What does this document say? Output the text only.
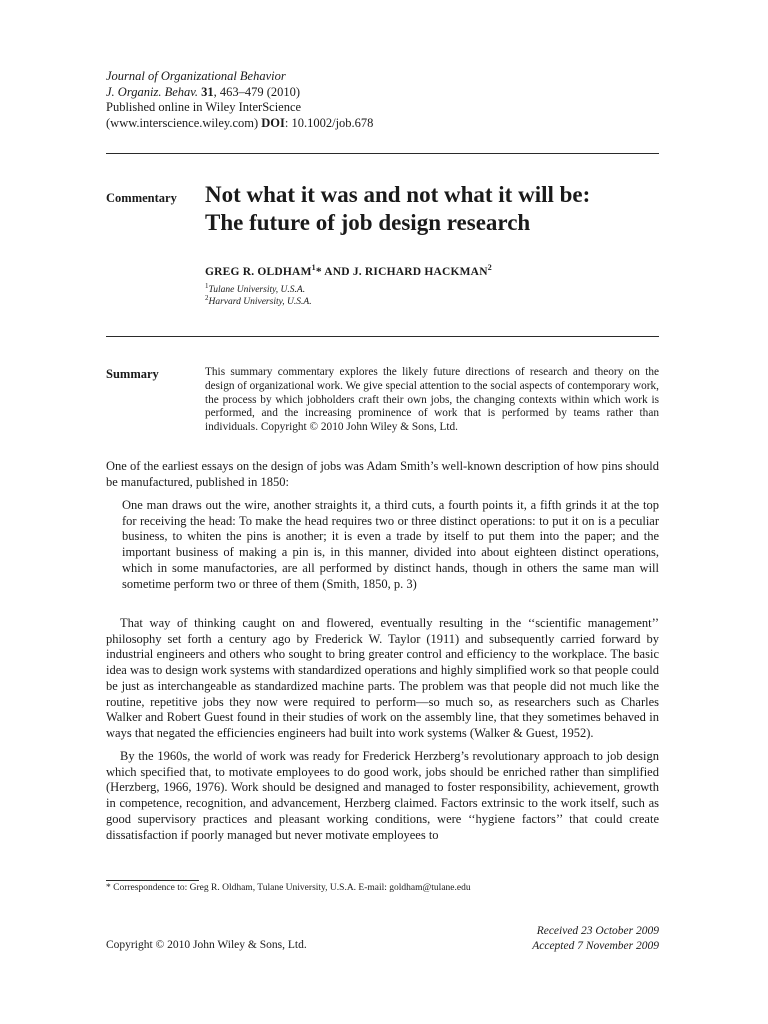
Journal of Organizational Behavior
J. Organiz. Behav. 31, 463–479 (2010)
Published online in Wiley InterScience
(www.interscience.wiley.com) DOI: 10.1002/job.678
Commentary Not what it was and not what it will be:
The future of job design research
GREG R. OLDHAM$^1$* AND J. RICHARD HACKMAN$^2$
$^1$Tulane University, U.S.A.
$^2$Harvard University, U.S.A.
Summary	This summary commentary explores the likely future directions of research and theory on the design of organizational work. We give special attention to the social aspects of contemporary work, the process by which jobholders craft their own jobs, the changing contexts within which work is performed, and the increasing prominence of work that is performed by teams rather than individuals. Copyright © 2010 John Wiley & Sons, Ltd.
One of the earliest essays on the design of jobs was Adam Smith’s well-known description of how pins should be manufactured, published in 1850:
One man draws out the wire, another straights it, a third cuts, a fourth points it, a fifth grinds it at the top for receiving the head: To make the head requires two or three distinct operations: to put it on is a peculiar business, to whiten the pins is another; it is even a trade by itself to put them into the paper; and the important business of making a pin is, in this manner, divided into about eighteen distinct operations, which in some manufactories, are all performed by distinct hands, though in others the same man will sometime perform two or three of them (Smith, 1850, p. 3)
That way of thinking caught on and flowered, eventually resulting in the ‘‘scientific management’’ philosophy set forth a century ago by Frederick W. Taylor (1911) and subsequently carried forward by industrial engineers and others who sought to bring greater control and efficiency to the workplace. The basic idea was to design work systems with standardized operations and highly simplified work so that people could be just as interchangeable as standardized machine parts. The problem was that people did not much like the routine, repetitive jobs they now were required to perform—so much so, as researchers such as Charles Walker and Robert Guest found in their studies of work on the assembly line, that they sometimes behaved in ways that negated the efficiencies engineers had built into work systems (Walker & Guest, 1952).
By the 1960s, the world of work was ready for Frederick Herzberg’s revolutionary approach to job design which specified that, to motivate employees to do good work, jobs should be enriched rather than simplified (Herzberg, 1966, 1976). Work should be designed and managed to foster responsibility, achievement, growth in competence, recognition, and advancement, Herzberg claimed. Factors extrinsic to the work itself, such as good supervisory practices and pleasant working conditions, were ‘‘hygiene factors’’ that could create dissatisfaction if poorly managed but never motivate employees to
* Correspondence to: Greg R. Oldham, Tulane University, U.S.A. E-mail: goldham@tulane.edu
Copyright © 2010 John Wiley & Sons, Ltd.
Received 23 October 2009
Accepted 7 November 2009
